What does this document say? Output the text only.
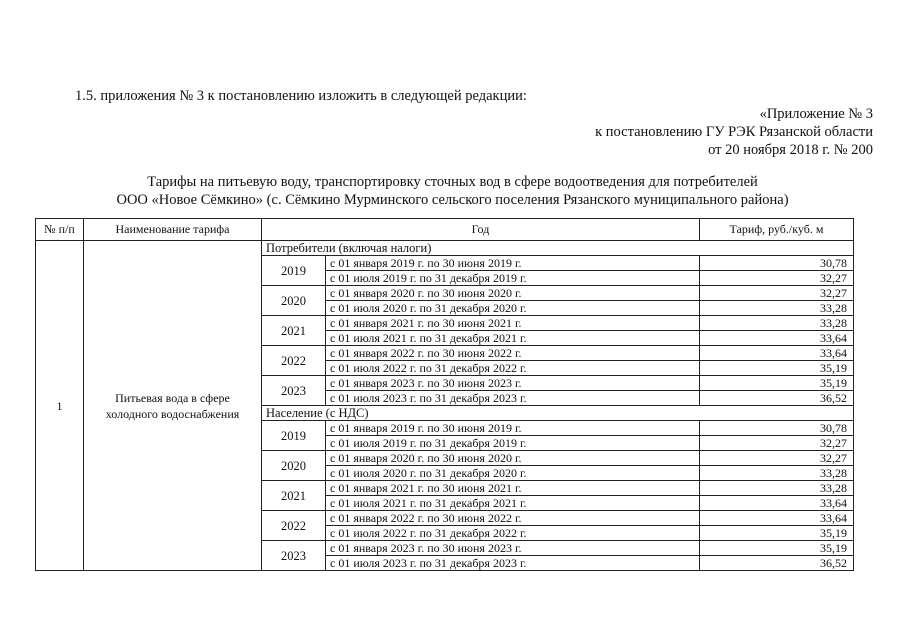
1.5. приложения № 3 к постановлению изложить в следующей редакции:
«Приложение № 3
к постановлению ГУ РЭК Рязанской области
от 20 ноября 2018 г. № 200
Тарифы на питьевую воду, транспортировку сточных вод в сфере водоотведения для потребителей
ООО «Новое Сёмкино» (с. Сёмкино Мурминского сельского поселения Рязанского муниципального района)
№ п/п	Наименование тарифа	Год		Тариф, руб./куб. м
1	Питьевая вода в сфере холодного водоснабжения	Потребители (включая налоги)		
		2019	с 01 января 2019 г. по 30 июня 2019 г.	30,78
			с 01 июля 2019 г. по 31 декабря 2019 г.	32,27
		2020	с 01 января 2020 г. по 30 июня 2020 г.	32,27
			с 01 июля 2020 г. по 31 декабря 2020 г.	33,28
		2021	с 01 января 2021 г. по 30 июня 2021 г.	33,28
			с 01 июля 2021 г. по 31 декабря 2021 г.	33,64
		2022	с 01 января 2022 г. по 30 июня 2022 г.	33,64
			с 01 июля 2022 г. по 31 декабря 2022 г.	35,19
		2023	с 01 января 2023 г. по 30 июня 2023 г.	35,19
			с 01 июля 2023 г. по 31 декабря 2023 г.	36,52
		Население (с НДС)		
		2019	с 01 января 2019 г. по 30 июня 2019 г.	30,78
			с 01 июля 2019 г. по 31 декабря 2019 г.	32,27
		2020	с 01 января 2020 г. по 30 июня 2020 г.	32,27
			с 01 июля 2020 г. по 31 декабря 2020 г.	33,28
		2021	с 01 января 2021 г. по 30 июня 2021 г.	33,28
			с 01 июля 2021 г. по 31 декабря 2021 г.	33,64
		2022	с 01 января 2022 г. по 30 июня 2022 г.	33,64
			с 01 июля 2022 г. по 31 декабря 2022 г.	35,19
		2023	с 01 января 2023 г. по 30 июня 2023 г.	35,19
			с 01 июля 2023 г. по 31 декабря 2023 г.	36,52
